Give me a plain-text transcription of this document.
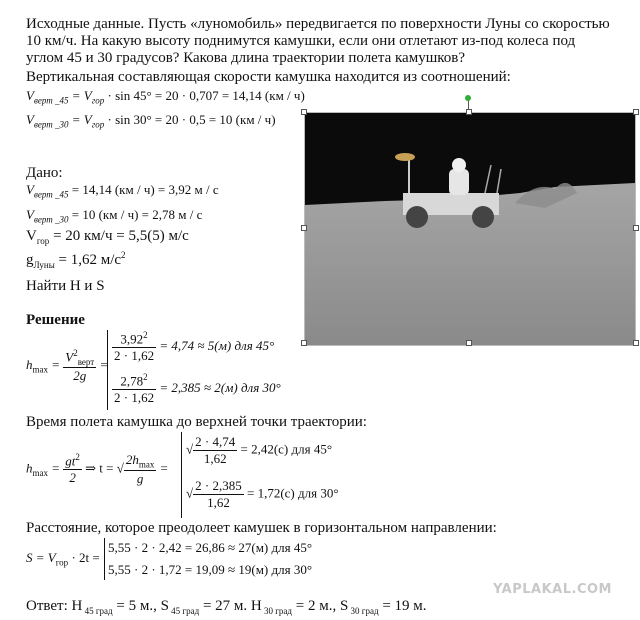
Исходные данные. Пусть «луномобиль» передвигается по поверхности Луны со скоростью 10 км/ч. На какую высоту поднимутся камушки, если они отлетают из-под колеса под углом 45 и 30 градусов? Какова длина траектории полета камушков?
Вертикальная составляющая скорости камушка находится из соотношений:
$V_{верт \_45} = V_{гор} \cdot \sin 45^\circ = 20 \cdot 0,707 = 14,14$ (км / ч)
$V_{верт \_30} = V_{гор} \cdot \sin 30^\circ = 20 \cdot 0,5 = 10$ (км / ч)
Дано:
$V_{верт \_45} = 14,14$ (км / ч) = 3,92 м / с
$V_{верт \_30} = 10$ (км / ч) = 2,78 м / с
$V_{гор} = 20$ км/ч = 5,5(5) м/с
$g_{Луны} = 1,62$ $м/с^2$
Найти H и S
Решение
$h_{max} = \frac{V^2_{верт}}{2g}$ =
$\frac{3,92^2}{2 \cdot 1,62} = 4,74 \approx 5(м)$ для 45°
$\frac{2,78^2}{2 \cdot 1,62} = 2,385 \approx 2(м)$ для 30°
Время полета камушка до верхней точки траектории:
$h_{max} = \frac{gt^2}{2}$ ⇒ t = √ $\frac{2h_{max}}{g}$ =
√ $\frac{2 \cdot 4,74}{1,62} = 2,42(с)$ для 45°
√ $\frac{2 \cdot 2,385}{1,62} = 1,72(с)$ для 30°
Расстояние, которое преодолеет камушек в горизонтальном направлении:
$S = V_{гор} \cdot 2t$ =
5,55 · 2 · 2,42 = 26,86 ≈ 27(м) для 45°
5,55 · 2 · 1,72 = 19,09 ≈ 19(м) для 30°
Ответ: H $_{45 град}$ = 5 м., S $_{45 град}$ = 27 м. H $_{30 град}$ = 2 м., S $_{30 град}$ = 19 м.
YAPLAKAL.COM
